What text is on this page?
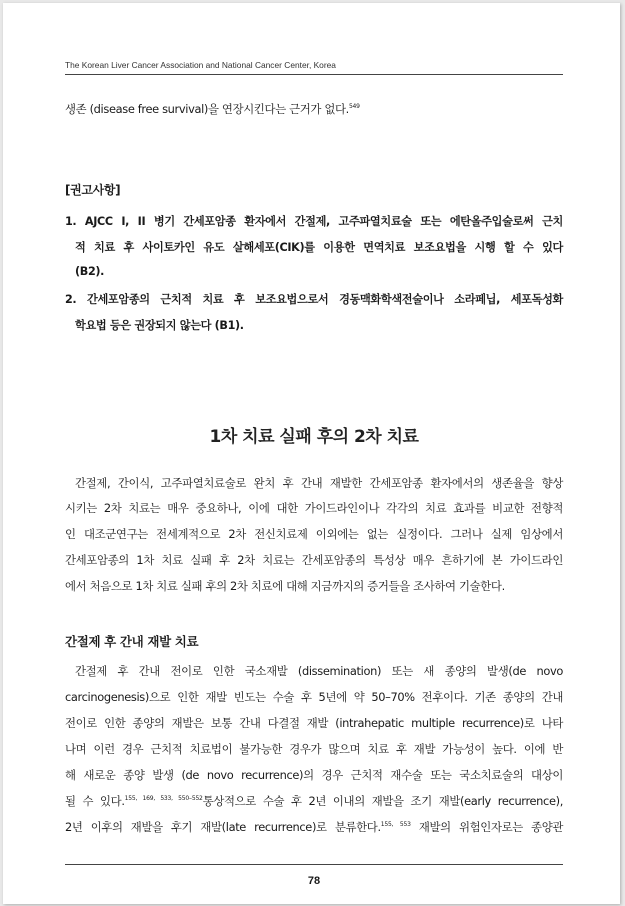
The Korean Liver Cancer Association and National Cancer Center, Korea
생존 (disease free survival)을 연장시킨다는 근거가 없다.$^{549}$
[권고사항]
1. AJCC I, II 병기 간세포암종 환자에서 간절제, 고주파열치료술 또는 에탄올주입술로써 근치
적 치료 후 사이토카인 유도 살해세포(CIK)를 이용한 면역치료 보조요법을 시행 할 수 있다
(B2).
2. 간세포암종의 근치적 치료 후 보조요법으로서 경동맥화학색전술이나 소라페닙, 세포독성화
학요법 등은 권장되지 않는다 (B1).
1차 치료 실패 후의 2차 치료
간절제, 간이식, 고주파열치료술로 완치 후 간내 재발한 간세포암종 환자에서의 생존율을 향상
시키는 2차 치료는 매우 중요하나, 이에 대한 가이드라인이나 각각의 치료 효과를 비교한 전향적
인 대조군연구는 전세계적으로 2차 전신치료제 이외에는 없는 실정이다. 그러나 실제 임상에서
간세포암종의 1차 치료 실패 후 2차 치료는 간세포암종의 특성상 매우 흔하기에 본 가이드라인
에서 처음으로 1차 치료 실패 후의 2차 치료에 대해 지금까지의 증거들을 조사하여 기술한다.
간절제 후 간내 재발 치료
간절제 후 간내 전이로 인한 국소재발 (dissemination) 또는 새 종양의 발생(de novo
carcinogenesis)으로 인한 재발 빈도는 수술 후 5년에 약 50–70% 전후이다. 기존 종양의 간내
전이로 인한 종양의 재발은 보통 간내 다결절 재발 (intrahepatic multiple recurrence)로 나타
나며 이런 경우 근치적 치료법이 불가능한 경우가 많으며 치료 후 재발 가능성이 높다. 이에 반
해 새로운 종양 발생 (de novo recurrence)의 경우 근치적 재수술 또는 국소치료술의 대상이
될 수 있다.$^{155, 169, 533, 550-552}$통상적으로 수술 후 2년 이내의 재발을 조기 재발(early recurrence),
2년 이후의 재발을 후기 재발(late recurrence)로 분류한다.$^{155, 553}$ 재발의 위험인자로는 종양관
78
